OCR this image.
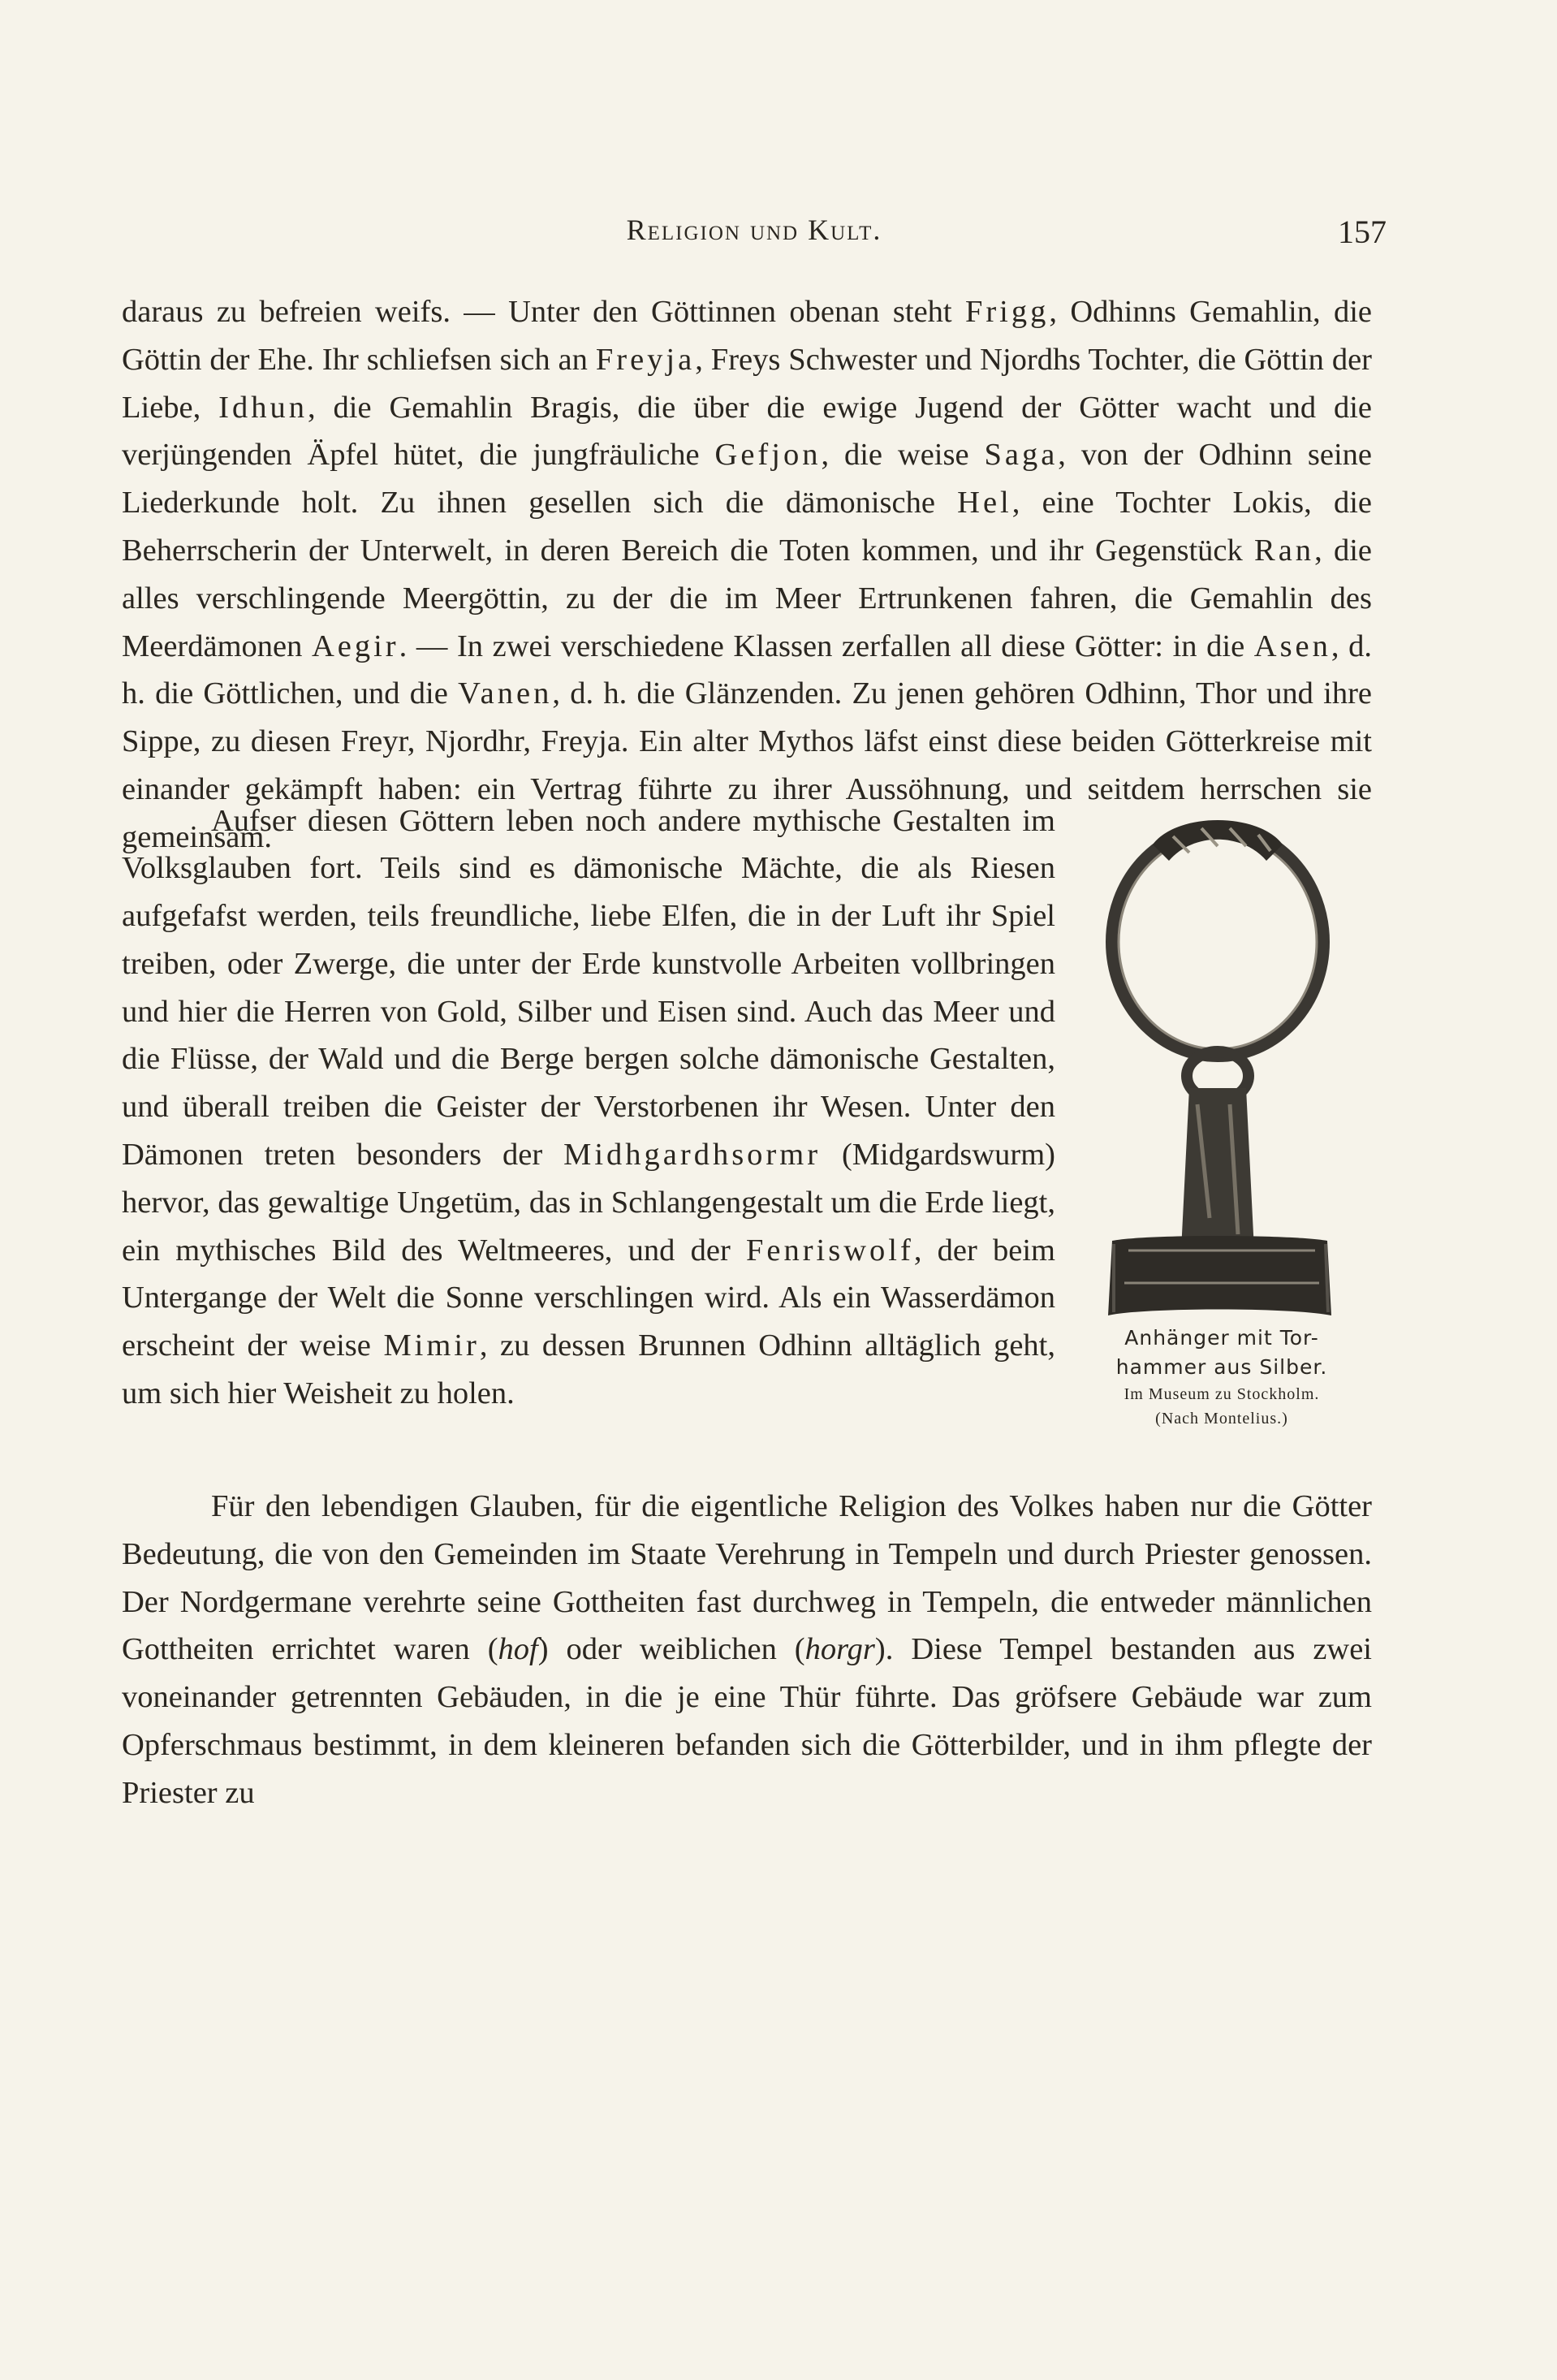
Religion und Kult.	157

daraus zu befreien weifs. — Unter den Göttinnen obenan steht Frigg, Odhinns Gemahlin, die Göttin der Ehe. Ihr schliefsen sich an Freyja, Freys Schwester und Njordhs Tochter, die Göttin der Liebe, Idhun, die Gemahlin Bragis, die über die ewige Jugend der Götter wacht und die verjüngenden Äpfel hütet, die jungfräuliche Gefjon, die weise Saga, von der Odhinn seine Liederkunde holt. Zu ihnen gesellen sich die dämonische Hel, eine Tochter Lokis, die Beherrscherin der Unterwelt, in deren Bereich die Toten kommen, und ihr Gegenstück Ran, die alles verschlingende Meergöttin, zu der die im Meer Ertrunkenen fahren, die Gemahlin des Meerdämonen Aegir. — In zwei verschiedene Klassen zerfallen all diese Götter: in die Asen, d. h. die Göttlichen, und die Vanen, d. h. die Glänzenden. Zu jenen gehören Odhinn, Thor und ihre Sippe, zu diesen Freyr, Njordhr, Freyja. Ein alter Mythos läfst einst diese beiden Götterkreise mit einander gekämpft haben: ein Vertrag führte zu ihrer Aussöhnung, und seitdem herrschen sie gemeinsam.

Aufser diesen Göttern leben noch andere mythische Gestalten im Volksglauben fort. Teils sind es dämonische Mächte, die als Riesen aufgefafst werden, teils freundliche, liebe Elfen, die in der Luft ihr Spiel treiben, oder Zwerge, die unter der Erde kunstvolle Arbeiten vollbringen und hier die Herren von Gold, Silber und Eisen sind. Auch das Meer und die Flüsse, der Wald und die Berge bergen solche dämonische Gestalten, und überall treiben die Geister der Verstorbenen ihr Wesen. Unter den Dämonen treten besonders der Midhgardhsormr (Midgardswurm) hervor, das gewaltige Ungetüm, das in Schlangengestalt um die Erde liegt, ein mythisches Bild des Weltmeeres, und der Fenriswolf, der beim Untergange der Welt die Sonne verschlingen wird. Als ein Wasserdämon erscheint der weise Mimir, zu dessen Brunnen Odhinn alltäglich geht, um sich hier Weisheit zu holen.

Anhänger mit Tor-
hammer aus Silber.
Im Museum zu Stockholm.
(Nach Montelius.)

Für den lebendigen Glauben, für die eigentliche Religion des Volkes haben nur die Götter Bedeutung, die von den Gemeinden im Staate Verehrung in Tempeln und durch Priester genossen. Der Nordgermane verehrte seine Gottheiten fast durchweg in Tempeln, die entweder männlichen Gottheiten errichtet waren (hof) oder weiblichen (horgr). Diese Tempel bestanden aus zwei voneinander getrennten Gebäuden, in die je eine Thür führte. Das gröfsere Gebäude war zum Opferschmaus bestimmt, in dem kleineren befanden sich die Götterbilder, und in ihm pflegte der Priester zu
